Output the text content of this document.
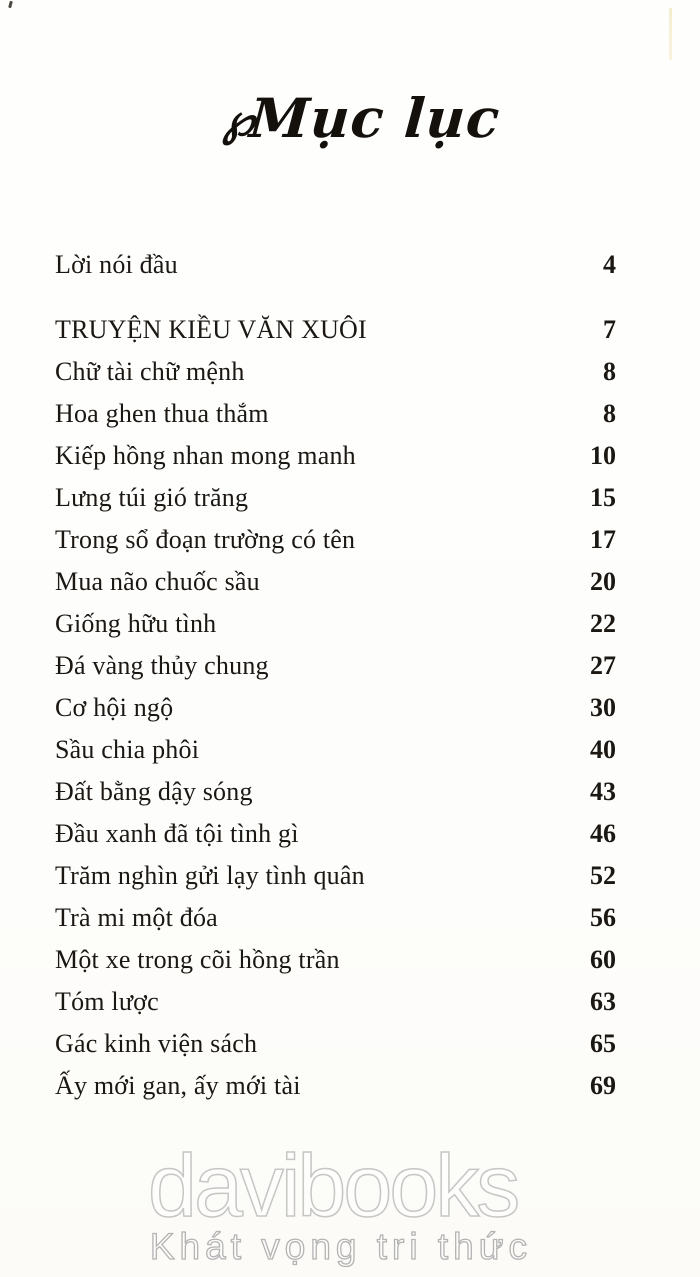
℘Mục lục
Lời nói đầu	4
TRUYỆN KIỀU VĂN XUÔI	7
Chữ tài chữ mệnh	8
Hoa ghen thua thắm	8
Kiếp hồng nhan mong manh	10
Lưng túi gió trăng	15
Trong sổ đoạn trường có tên	17
Mua não chuốc sầu	20
Giống hữu tình	22
Đá vàng thủy chung	27
Cơ hội ngộ	30
Sầu chia phôi	40
Đất bằng dậy sóng	43
Đầu xanh đã tội tình gì	46
Trăm nghìn gửi lạy tình quân	52
Trà mi một đóa	56
Một xe trong cõi hồng trần	60
Tóm lược	63
Gác kinh viện sách	65
Ấy mới gan, ấy mới tài	69
davibooks
Khát vọng tri thức
